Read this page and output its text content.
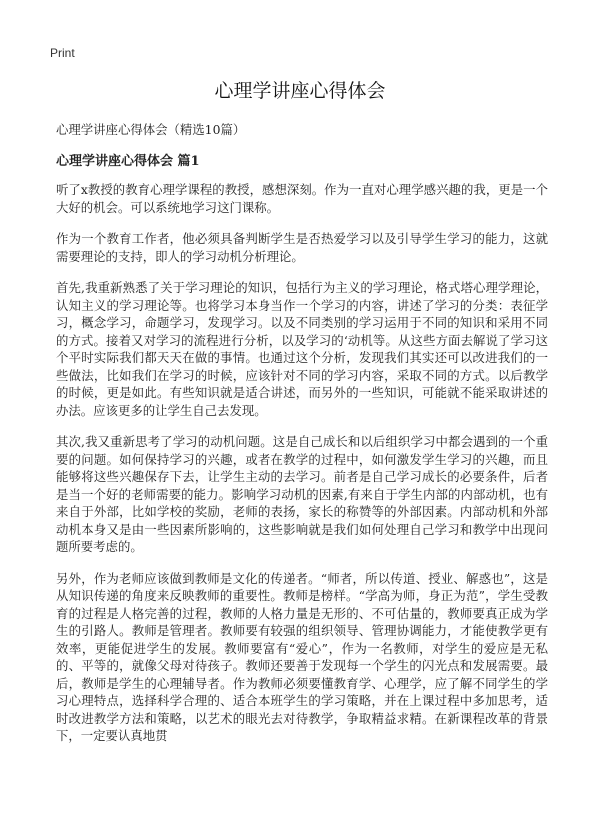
Print
心理学讲座心得体会

心理学讲座心得体会（精选10篇）

心理学讲座心得体会 篇1

听了x教授的教育心理学课程的教授，感想深刻。作为一直对心理学感兴趣的我，更是一个大好的机会。可以系统地学习这门课称。

作为一个教育工作者，他必须具备判断学生是否热爱学习以及引导学生学习的能力，这就需要理论的支持，即人的学习动机分析理论。

首先,我重新熟悉了关于学习理论的知识，包括行为主义的学习理论，格式塔心理学理论，认知主义的学习理论等。也将学习本身当作一个学习的内容，讲述了学习的分类：表征学习，概念学习，命题学习，发现学习。以及不同类别的学习运用于不同的知识和采用不同的方式。接着又对学习的流程进行分析，以及学习的‘动机等。从这些方面去解说了学习这个平时实际我们都天天在做的事情。也通过这个分析，发现我们其实还可以改进我们的一些做法，比如我们在学习的时候，应该针对不同的学习内容，采取不同的方式。以后教学的时候，更是如此。有些知识就是适合讲述，而另外的一些知识，可能就不能采取讲述的办法。应该更多的让学生自己去发现。

其次,我又重新思考了学习的动机问题。这是自己成长和以后组织学习中都会遇到的一个重要的问题。如何保持学习的兴趣，或者在教学的过程中，如何激发学生学习的兴趣，而且能够将这些兴趣保存下去，让学生主动的去学习。前者是自己学习成长的必要条件，后者是当一个好的老师需要的能力。影响学习动机的因素,有来自于学生内部的内部动机，也有来自于外部，比如学校的奖励，老师的表扬，家长的称赞等的外部因素。内部动机和外部动机本身又是由一些因素所影响的，这些影响就是我们如何处理自己学习和教学中出现问题所要考虑的。

另外，作为老师应该做到教师是文化的传递者。“师者，所以传道、授业、解惑也”，这是从知识传递的角度来反映教师的重要性。教师是榜样。“学高为师，身正为范”，学生受教育的过程是人格完善的过程，教师的人格力量是无形的、不可估量的，教师要真正成为学生的引路人。教师是管理者。教师要有较强的组织领导、管理协调能力，才能使教学更有效率，更能促进学生的发展。教师要富有“爱心”，作为一名教师，对学生的爱应是无私的、平等的，就像父母对待孩子。教师还要善于发现每一个学生的闪光点和发展需要。最后，教师是学生的心理辅导者。作为教师必须要懂教育学、心理学，应了解不同学生的学习心理特点，选择科学合理的、适合本班学生的学习策略，并在上课过程中多加思考，适时改进教学方法和策略，以艺术的眼光去对待教学，争取精益求精。在新课程改革的背景下，一定要认真地贯
